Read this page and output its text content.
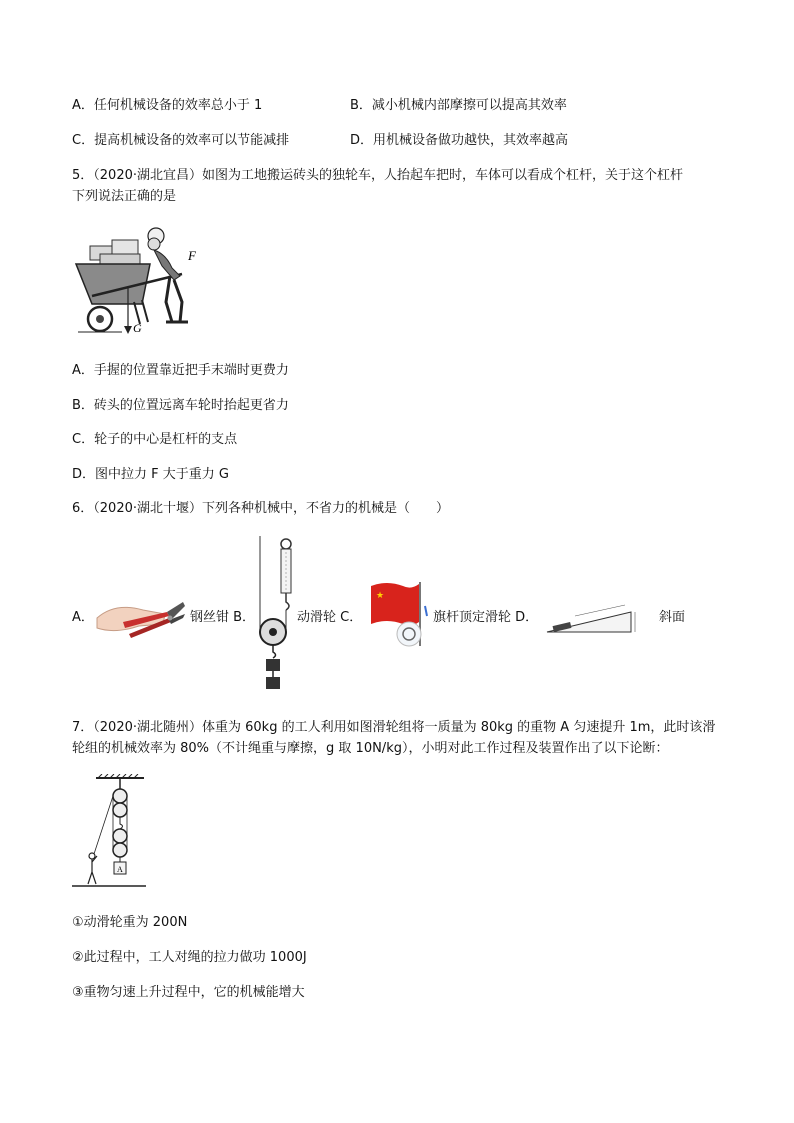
A．任何机械设备的效率总小于 1	B．减小机械内部摩擦可以提高其效率
C．提高机械设备的效率可以节能减排	D．用机械设备做功越快，其效率越高
5．（2020·湖北宜昌）如图为工地搬运砖头的独轮车，人抬起车把时，车体可以看成个杠杆，关于这个杠杆
下列说法正确的是
G
F
A．手握的位置靠近把手末端时更费力
B．砖头的位置远离车轮时抬起更省力
C．轮子的中心是杠杆的支点
D．图中拉力 F 大于重力 G
6．（2020·湖北十堰）下列各种机械中，不省力的机械是（　　）
A．	钢丝钳 B．	动滑轮 C．
★
旗杆顶定滑轮 D．	斜面
7．（2020·湖北随州）体重为 60kg 的工人利用如图滑轮组将一质量为 80kg 的重物 A 匀速提升 1m，此时该滑
轮组的机械效率为 80%（不计绳重与摩擦，g 取 10N/kg），小明对此工作过程及装置作出了以下论断：
A
①动滑轮重为 200N
②此过程中，工人对绳的拉力做功 1000J
③重物匀速上升过程中，它的机械能增大
